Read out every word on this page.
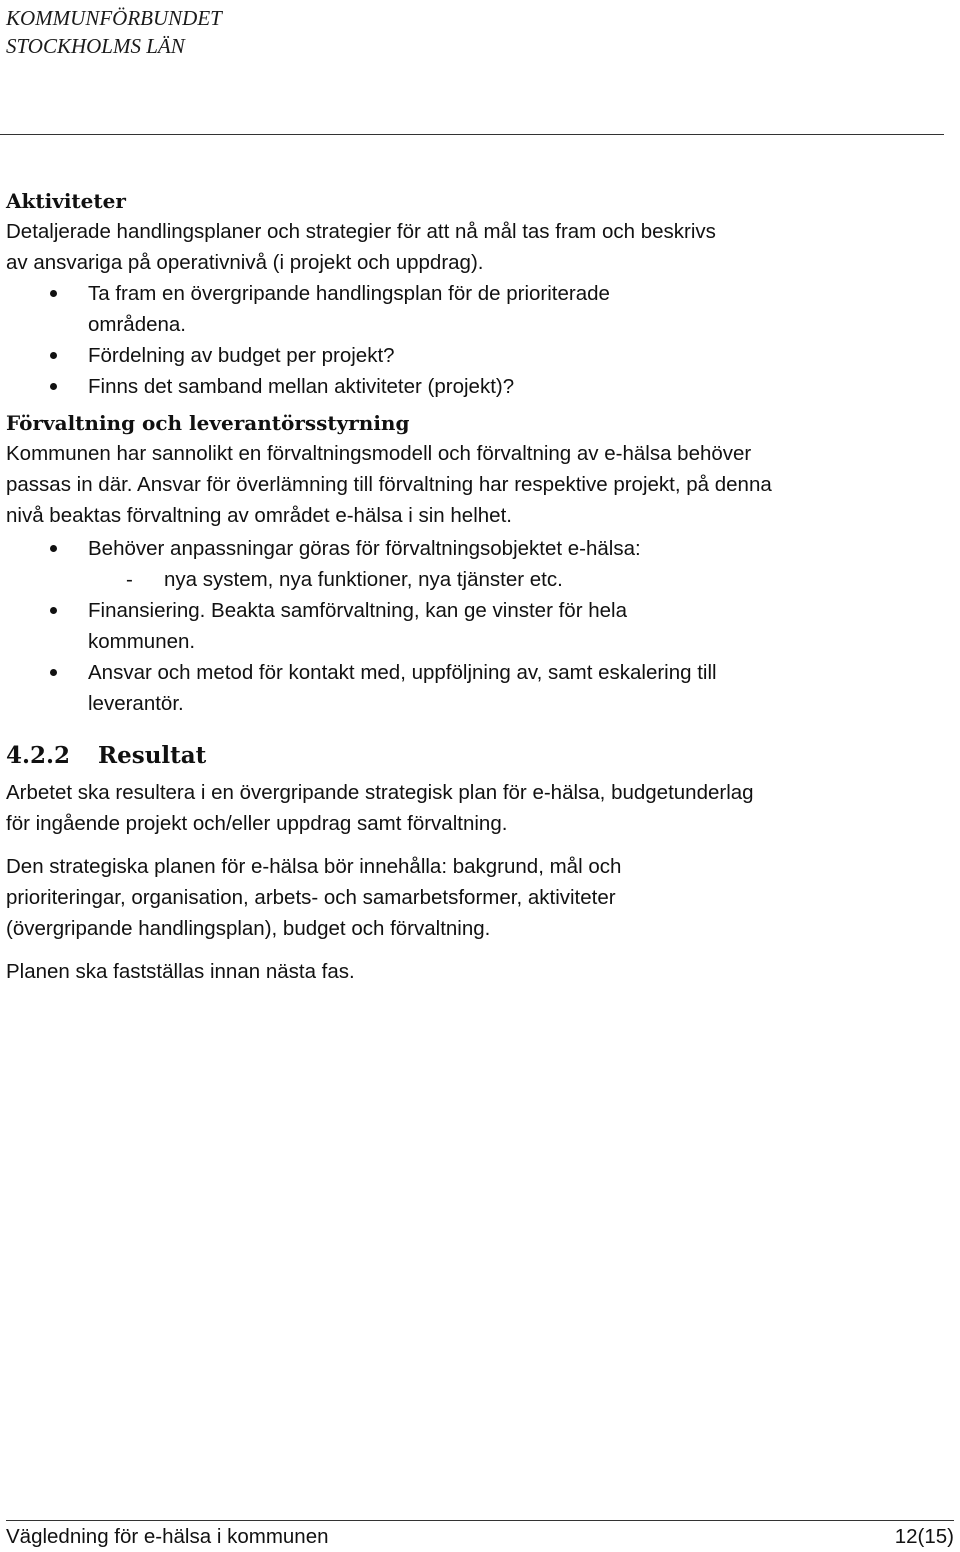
KOMMUNFÖRBUNDET
STOCKHOLMS LÄN
Aktiviteter

Detaljerade handlingsplaner och strategier för att nå mål tas fram och beskrivs av ansvariga på operativnivå (i projekt och uppdrag).

Ta fram en övergripande handlingsplan för de prioriterade områdena.
Fördelning av budget per projekt?
Finns det samband mellan aktiviteter (projekt)?
Förvaltning och leverantörsstyrning

Kommunen har sannolikt en förvaltningsmodell och förvaltning av e-hälsa behöver passas in där. Ansvar för överlämning till förvaltning har respektive projekt, på denna nivå beaktas förvaltning av området e-hälsa i sin helhet.

Behöver anpassningar göras för förvaltningsobjektet e-hälsa:
- nya system, nya funktioner, nya tjänster etc.
Finansiering. Beakta samförvaltning, kan ge vinster för hela kommunen.
Ansvar och metod för kontakt med, uppföljning av, samt eskalering till leverantör.
4.2.2 Resultat

Arbetet ska resultera i en övergripande strategisk plan för e-hälsa, budgetunderlag för ingående projekt och/eller uppdrag samt förvaltning.

Den strategiska planen för e-hälsa bör innehålla: bakgrund, mål och prioriteringar, organisation, arbets- och samarbetsformer, aktiviteter (övergripande handlingsplan), budget och förvaltning.

Planen ska fastställas innan nästa fas.

Vägledning för e-hälsa i kommunen	12(15)
